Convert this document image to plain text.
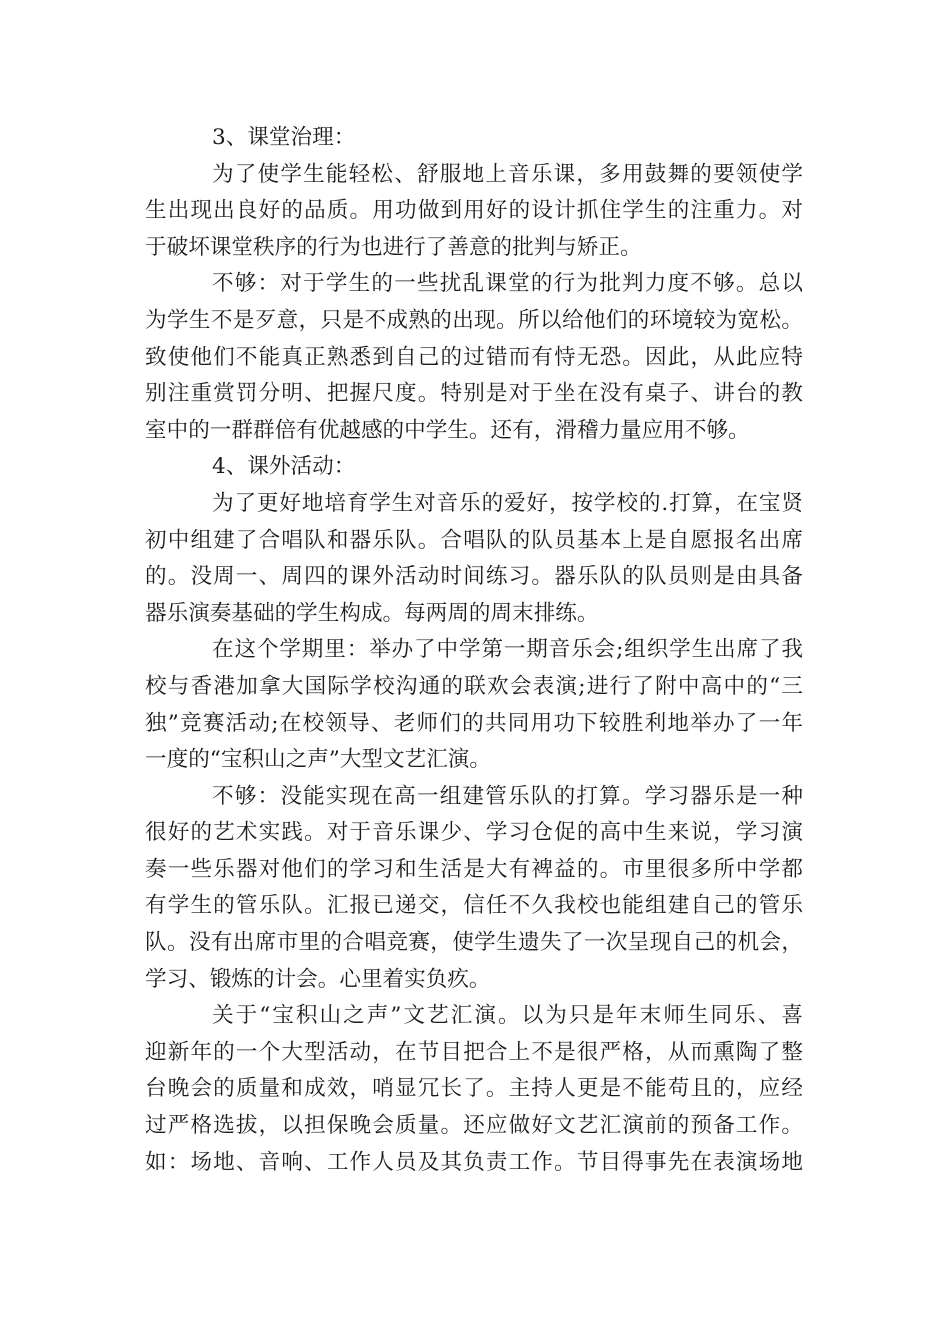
3、课堂治理：
为了使学生能轻松、舒服地上音乐课，多用鼓舞的要领使学
生出现出良好的品质。用功做到用好的设计抓住学生的注重力。对
于破坏课堂秩序的行为也进行了善意的批判与矫正。
不够：对于学生的一些扰乱课堂的行为批判力度不够。总以
为学生不是歹意，只是不成熟的出现。所以给他们的环境较为宽松。
致使他们不能真正熟悉到自己的过错而有恃无恐。因此，从此应特
别注重赏罚分明、把握尺度。特别是对于坐在没有桌子、讲台的教
室中的一群群倍有优越感的中学生。还有，滑稽力量应用不够。
4、课外活动：
为了更好地培育学生对音乐的爱好，按学校的.打算，在宝贤
初中组建了合唱队和器乐队。合唱队的队员基本上是自愿报名出席
的。没周一、周四的课外活动时间练习。器乐队的队员则是由具备
器乐演奏基础的学生构成。每两周的周末排练。
在这个学期里：举办了中学第一期音乐会;组织学生出席了我
校与香港加拿大国际学校沟通的联欢会表演;进行了附中高中的“三
独”竞赛活动;在校领导、老师们的共同用功下较胜利地举办了一年
一度的“宝积山之声”大型文艺汇演。
不够：没能实现在高一组建管乐队的打算。学习器乐是一种
很好的艺术实践。对于音乐课少、学习仓促的高中生来说，学习演
奏一些乐器对他们的学习和生活是大有裨益的。市里很多所中学都
有学生的管乐队。汇报已递交，信任不久我校也能组建自己的管乐
队。没有出席市里的合唱竞赛，使学生遗失了一次呈现自己的机会，
学习、锻炼的计会。心里着实负疚。
关于“宝积山之声”文艺汇演。以为只是年末师生同乐、喜
迎新年的一个大型活动，在节目把合上不是很严格，从而熏陶了整
台晚会的质量和成效，哨显冗长了。主持人更是不能苟且的，应经
过严格选拔，以担保晚会质量。还应做好文艺汇演前的预备工作。
如：场地、音响、工作人员及其负责工作。节目得事先在表演场地
